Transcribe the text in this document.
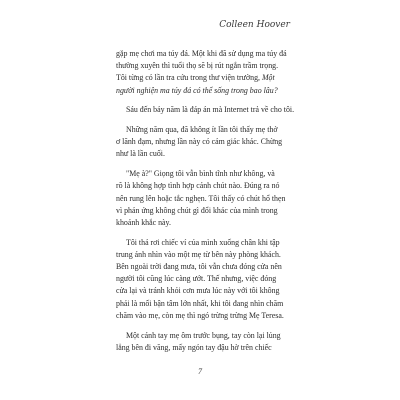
Colleen Hoover
gặp mẹ chơi ma túy đá. Một khi đã sử dụng ma túy đá
thường xuyên thì tuổi thọ sẽ bị rút ngắn trầm trọng.
Tôi từng có lần tra cứu trong thư viện trường, Một
người nghiện ma túy đá có thể sống trong bao lâu?
Sáu đến bảy năm là đáp án mà Internet trả về cho tôi.
Những năm qua, đã không ít lần tôi thấy mẹ thở
ơ lãnh đạm, nhưng lần này có cảm giác khác. Chừng
như là lần cuối.
"Mẹ à?" Giọng tôi vẫn bình tĩnh như không, và
rõ là không hợp tình hợp cảnh chút nào. Đúng ra nó
nên rung lên hoặc tắc nghẹn. Tôi thấy có chút hổ thẹn
vì phản ứng không chút gì đổi khác của mình trong
khoảnh khắc này.
Tôi thả rơi chiếc ví của mình xuống chân khi tập
trung ánh nhìn vào một mẹ từ bên này phòng khách.
Bên ngoài trời đang mưa, tôi vẫn chưa đóng cửa nên
người tôi cũng lúc càng ướt. Thế nhưng, việc đóng
cửa lại và tránh khỏi cơn mưa lúc này với tôi không
phải là mối bận tâm lớn nhất, khi tôi đang nhìn chăm
chăm vào mẹ, còn mẹ thì ngó trừng trừng Mẹ Teresa.
Một cánh tay mẹ ôm trước bụng, tay còn lại lủng
lẳng bên đi văng, mấy ngón tay đậu hờ trên chiếc
7
